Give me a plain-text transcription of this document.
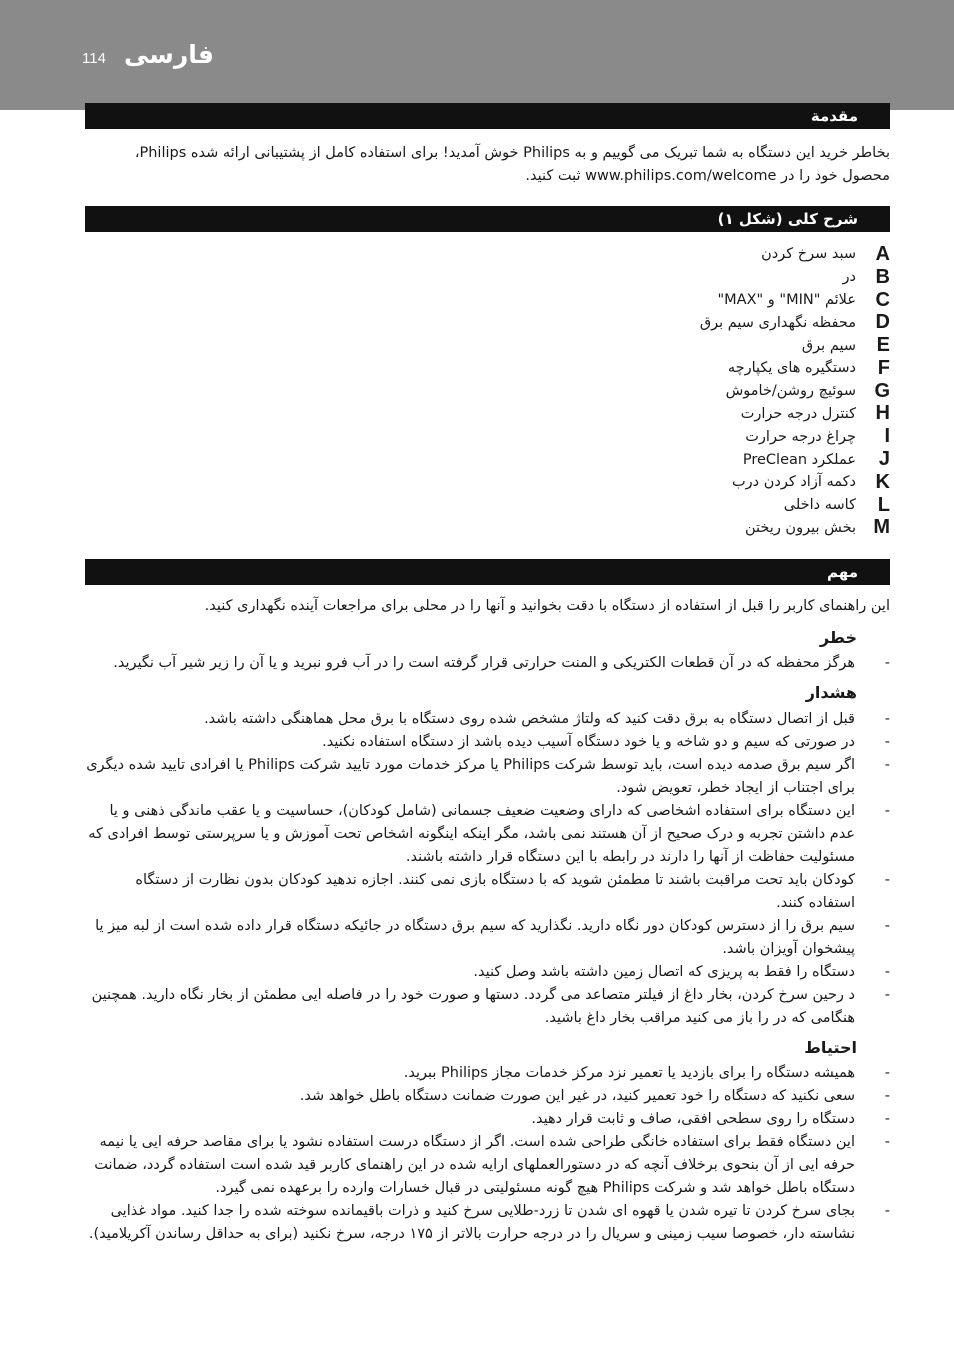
114 فارسی
مقدمة
بخاطر خرید این دستگاه به شما تبریک می گوییم و به Philips خوش آمدید! برای استفاده کامل از پشتیبانی ارائه شده Philips، محصول خود را در www.philips.com/welcome ثبت کنید.
شرح کلی (شکل ۱)
A
سبد سرخ کردن
B
در
C
علائم "MIN" و "MAX"
D
محفظه نگهداری سیم برق
E
سیم برق
F
دستگیره های یکپارچه
G
سوئیچ روشن/خاموش
H
کنترل درجه حرارت
I
چراغ درجه حرارت
J
عملکرد PreClean
K
دکمه آزاد کردن درب
L
کاسه داخلی
M
بخش بیرون ریختن
مهم
این راهنمای کاربر را قبل از استفاده از دستگاه با دقت بخوانید و آنها را در محلی برای مراجعات آینده نگهداری کنید.
خطر
-
هرگز محفظه که در آن قطعات الکتریکی و المنت حرارتی قرار گرفته است را در آب فرو نبرید و یا آن را زیر شیر آب نگیرید.
هشدار
-
قبل از اتصال دستگاه به برق دقت کنید که ولتاژ مشخص شده روی دستگاه با برق محل هماهنگی داشته باشد.
-
در صورتی که سیم و دو شاخه و یا خود دستگاه آسیب دیده باشد از دستگاه استفاده نکنید.
-
اگر سیم برق صدمه دیده است، باید توسط شرکت Philips یا مرکز خدمات مورد تایید شرکت Philips یا افرادی تایید شده دیگری برای اجتناب از ایجاد خطر، تعویض شود.
-
این دستگاه برای استفاده اشخاصی که دارای وضعیت ضعیف جسمانی (شامل کودکان)، حساسیت و یا عقب ماندگی ذهنی و یا عدم داشتن تجربه و درک صحیح از آن هستند نمی باشد، مگر اینکه اینگونه اشخاص تحت آموزش و یا سرپرستی توسط افرادی که مسئولیت حفاظت از آنها را دارند در رابطه با این دستگاه قرار داشته باشند.
-
کودکان باید تحت مراقبت باشند تا مطمئن شوید که با دستگاه بازی نمی کنند. اجازه ندهید کودکان بدون نظارت از دستگاه استفاده کنند.
-
سیم برق را از دسترس کودکان دور نگاه دارید. نگذارید که سیم برق دستگاه در جائیکه دستگاه قرار داده شده است از لبه میز یا پیشخوان آویزان باشد.
-
دستگاه را فقط به پریزی که اتصال زمین داشته باشد وصل کنید.
-
د رحین سرخ کردن، بخار داغ از فیلتر متصاعد می گردد. دستها و صورت خود را در فاصله ایی مطمئن از بخار نگاه دارید. همچنین هنگامی که در را باز می کنید مراقب بخار داغ باشید.
احتیاط
-
همیشه دستگاه را برای بازدید یا تعمیر نزد مرکز خدمات مجاز Philips ببرید.
-
سعی نکنید که دستگاه را خود تعمیر کنید، در غیر این صورت ضمانت دستگاه باطل خواهد شد.
-
دستگاه را روی سطحی افقی، صاف و ثابت قرار دهید.
-
این دستگاه فقط برای استفاده خانگی طراحی شده است. اگر از دستگاه درست استفاده نشود یا برای مقاصد حرفه ایی یا نیمه حرفه ایی از آن بنحوی برخلاف آنچه که در دستورالعملهای ارایه شده در این راهنمای کاربر قید شده است استفاده گردد، ضمانت دستگاه باطل خواهد شد و شرکت Philips هیچ گونه مسئولیتی در قبال خسارات وارده را برعهده نمی گیرد.
-
بجای سرخ کردن تا تیره شدن یا قهوه ای شدن تا زرد-طلایی سرخ کنید و ذرات باقیمانده سوخته شده را جدا کنید. مواد غذایی نشاسته دار، خصوصا سیب زمینی و سریال را در درجه حرارت بالاتر از ۱۷۵ درجه، سرخ نکنید (برای به حداقل رساندن آکریلامید).
